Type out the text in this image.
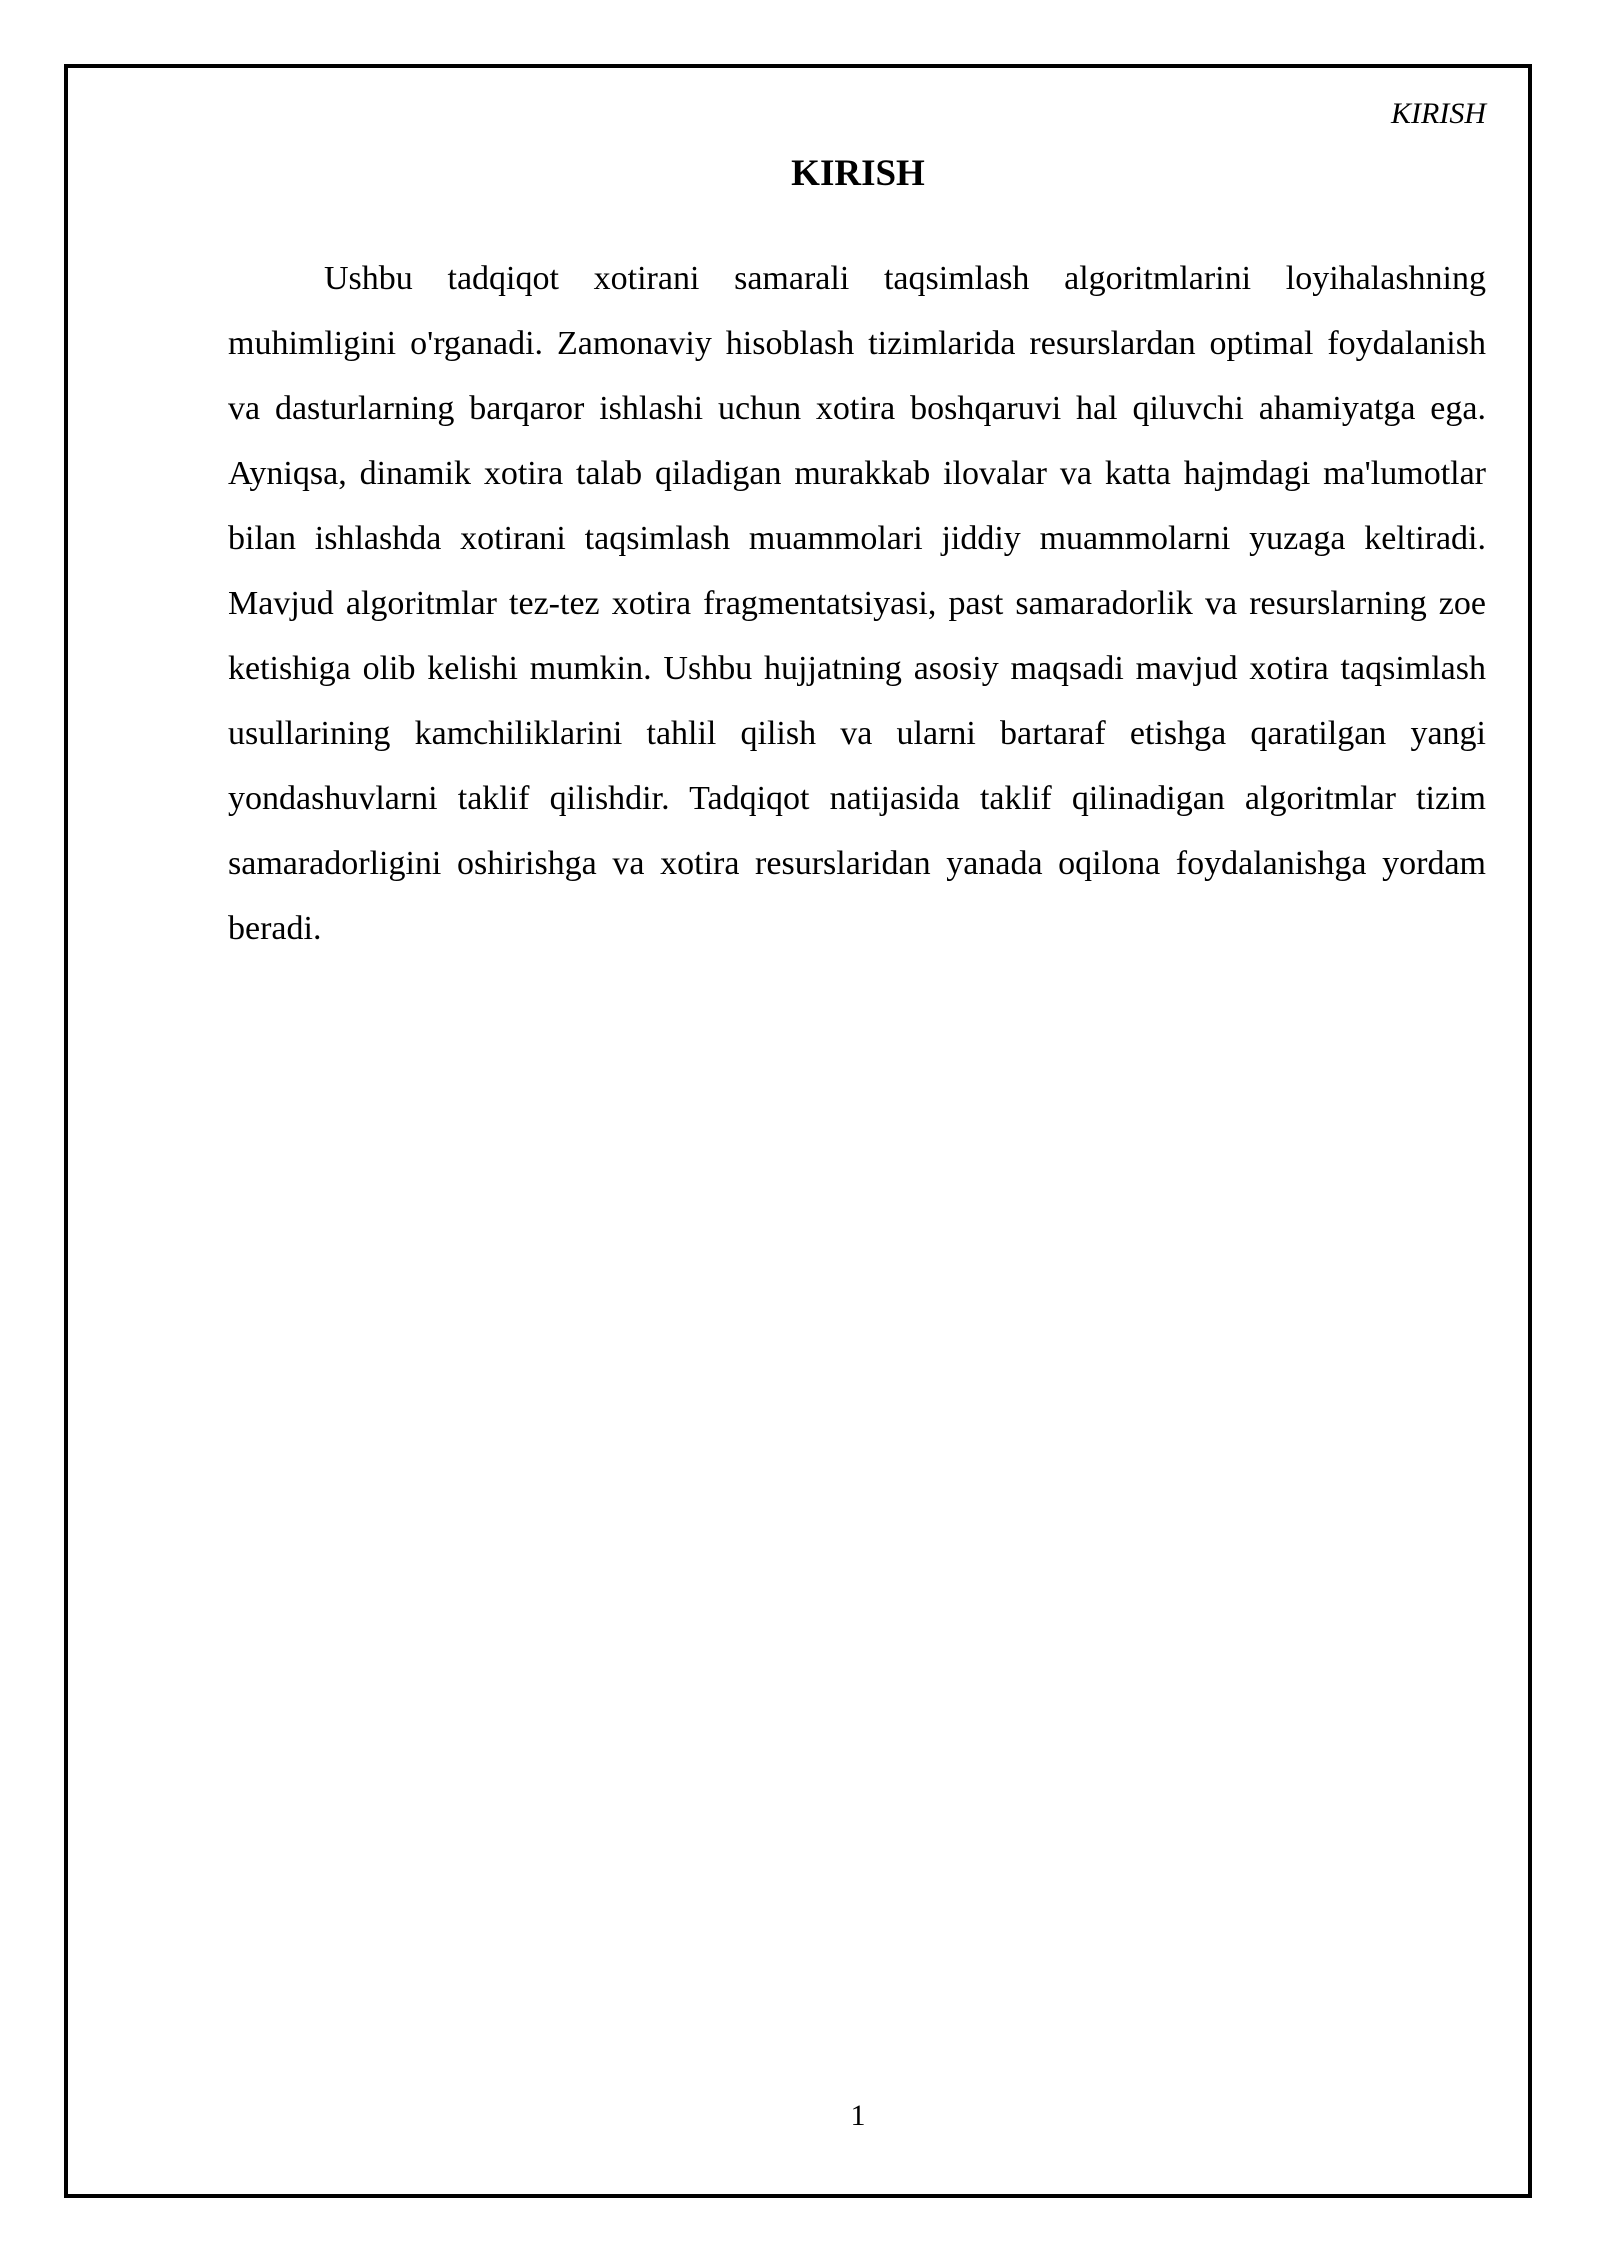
KIRISH
KIRISH

Ushbu tadqiqot xotirani samarali taqsimlash algoritmlarini loyihalashning muhimligini o'rganadi. Zamonaviy hisoblash tizimlarida resurslardan optimal foydalanish va dasturlarning barqaror ishlashi uchun xotira boshqaruvi hal qiluvchi ahamiyatga ega. Ayniqsa, dinamik xotira talab qiladigan murakkab ilovalar va katta hajmdagi ma'lumotlar bilan ishlashda xotirani taqsimlash muammolari jiddiy muammolarni yuzaga keltiradi. Mavjud algoritmlar tez-tez xotira fragmentatsiyasi, past samaradorlik va resurslarning zoe ketishiga olib kelishi mumkin. Ushbu hujjatning asosiy maqsadi mavjud xotira taqsimlash usullarining kamchiliklarini tahlil qilish va ularni bartaraf etishga qaratilgan yangi yondashuvlarni taklif qilishdir. Tadqiqot natijasida taklif qilinadigan algoritmlar tizim samaradorligini oshirishga va xotira resurslaridan yanada oqilona foydalanishga yordam beradi.

1
